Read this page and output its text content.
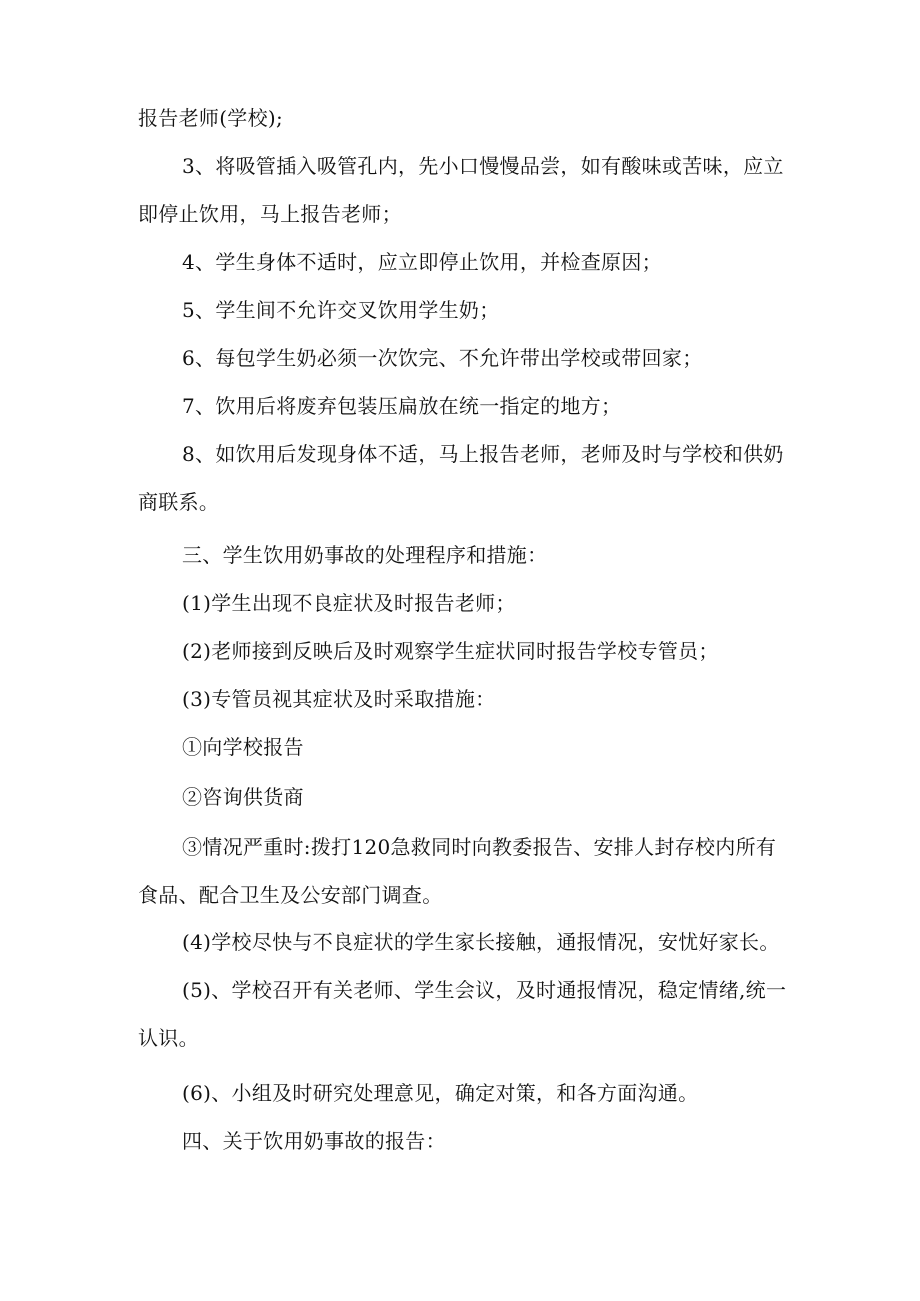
报告老师(学校);
3、将吸管插入吸管孔内，先小口慢慢品尝，如有酸味或苦味，应立
即停止饮用，马上报告老师；
4、学生身体不适时，应立即停止饮用，并检查原因；
5、学生间不允许交叉饮用学生奶；
6、每包学生奶必须一次饮完、不允许带出学校或带回家；
7、饮用后将废弃包装压扁放在统一指定的地方；
8、如饮用后发现身体不适，马上报告老师，老师及时与学校和供奶
商联系。
三、学生饮用奶事故的处理程序和措施：
(1)学生出现不良症状及时报告老师；
(2)老师接到反映后及时观察学生症状同时报告学校专管员；
(3)专管员视其症状及时采取措施：
①向学校报告
②咨询供货商
③情况严重时:拨打120急救同时向教委报告、安排人封存校内所有
食品、配合卫生及公安部门调查。
(4)学校尽快与不良症状的学生家长接触，通报情况，安忧好家长。
(5)、学校召开有关老师、学生会议，及时通报情况，稳定情绪,统一
认识。
(6)、小组及时研究处理意见，确定对策，和各方面沟通。
四、关于饮用奶事故的报告：
